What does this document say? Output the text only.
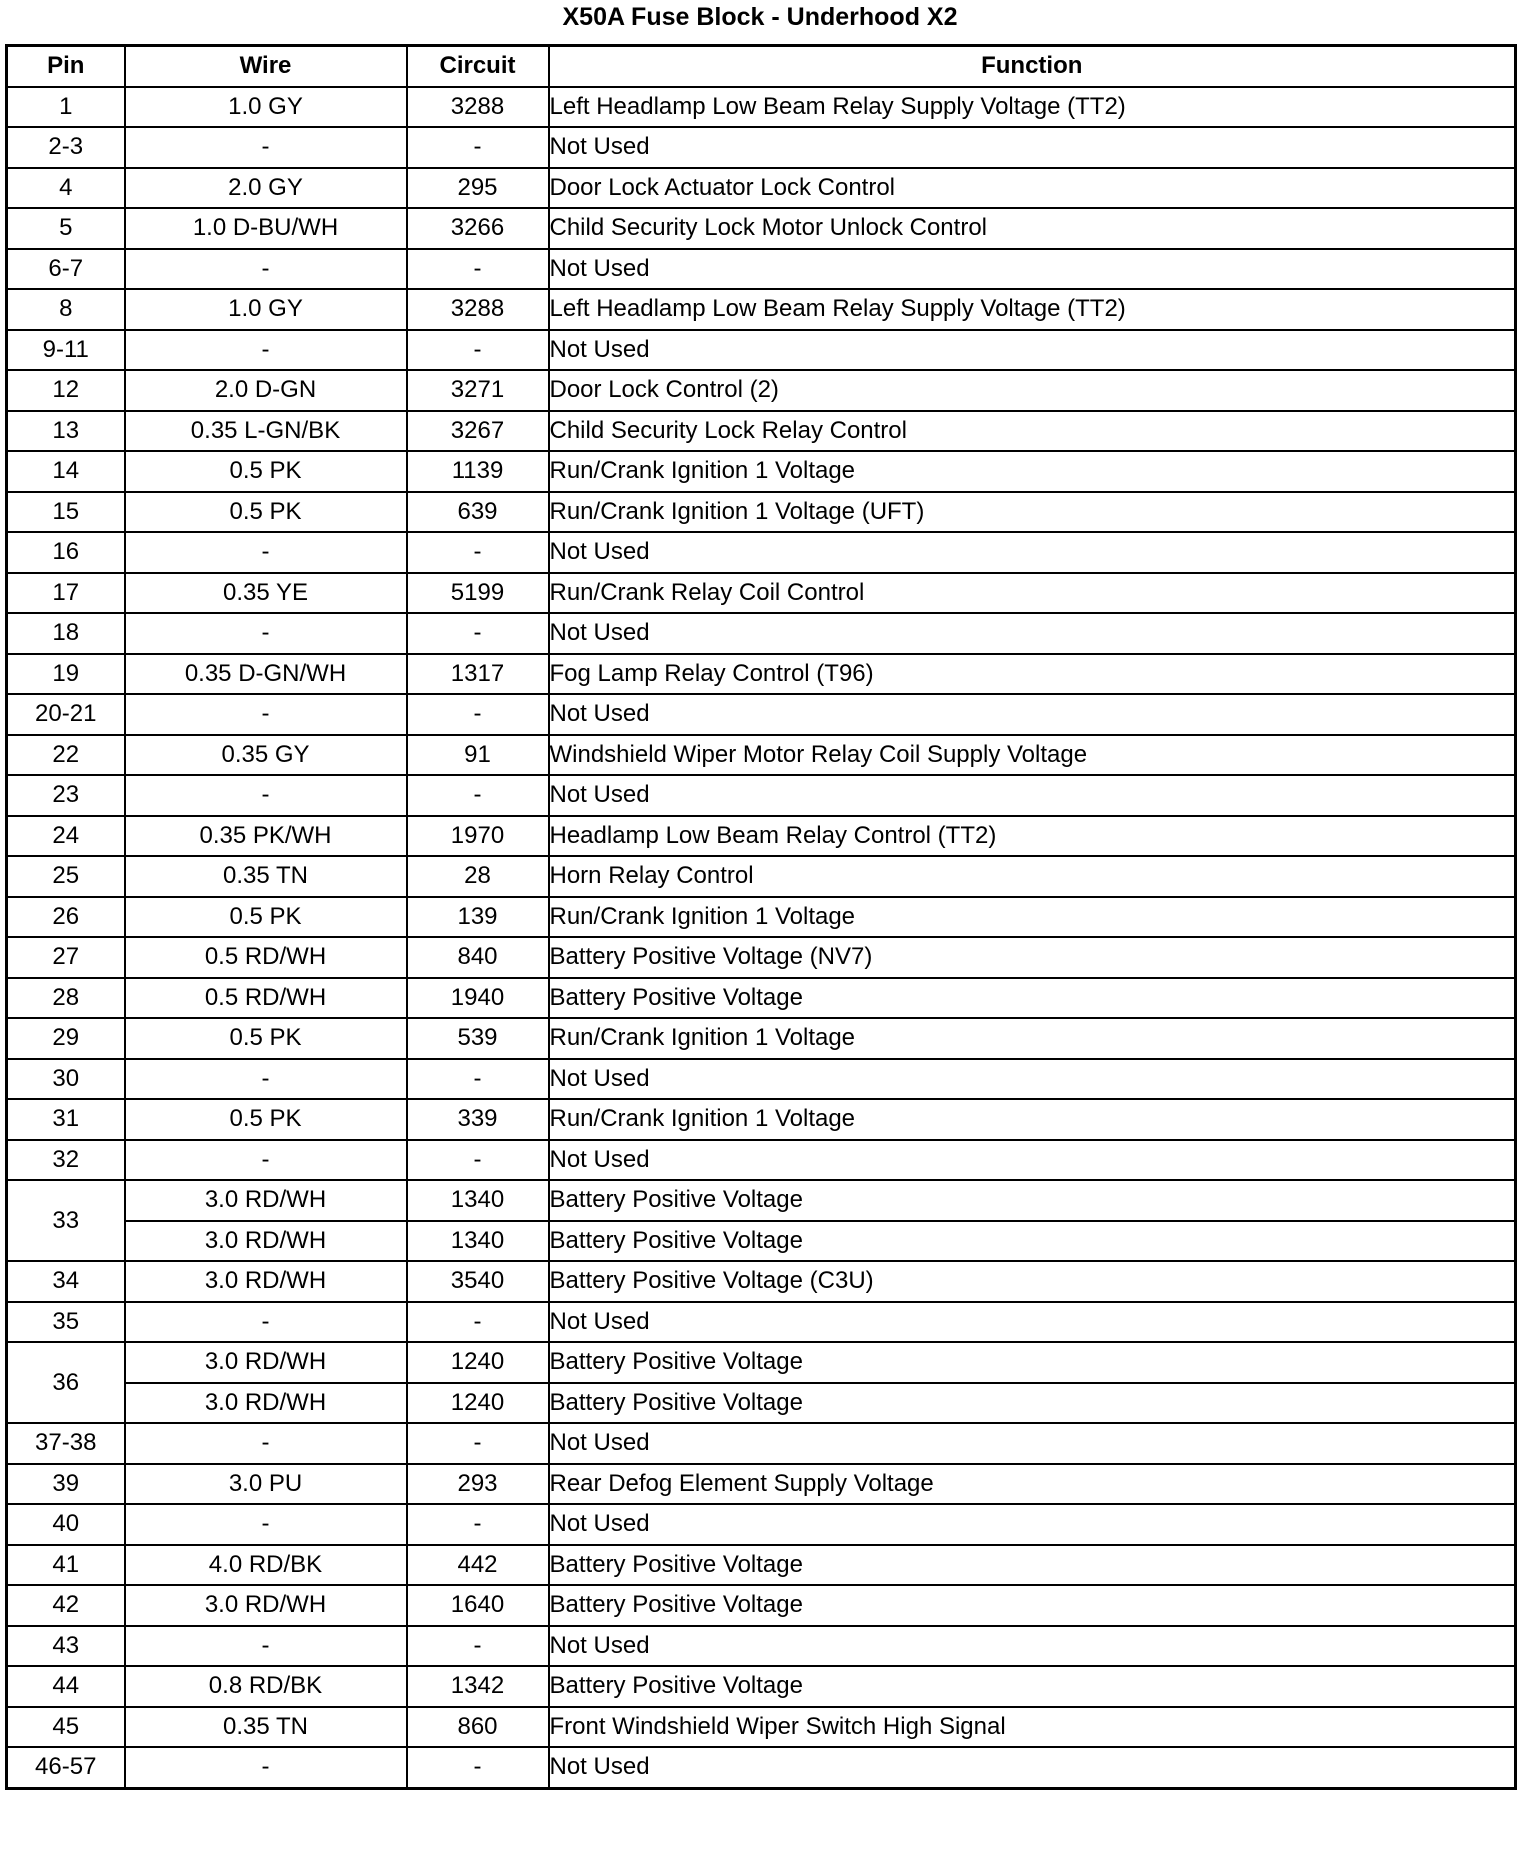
X50A Fuse Block - Underhood X2
Pin	Wire	Circuit	Function
1	1.0 GY	3288	Left Headlamp Low Beam Relay Supply Voltage (TT2)
2-3	-	-	Not Used
4	2.0 GY	295	Door Lock Actuator Lock Control
5	1.0 D-BU/WH	3266	Child Security Lock Motor Unlock Control
6-7	-	-	Not Used
8	1.0 GY	3288	Left Headlamp Low Beam Relay Supply Voltage (TT2)
9-11	-	-	Not Used
12	2.0 D-GN	3271	Door Lock Control (2)
13	0.35 L-GN/BK	3267	Child Security Lock Relay Control
14	0.5 PK	1139	Run/Crank Ignition 1 Voltage
15	0.5 PK	639	Run/Crank Ignition 1 Voltage (UFT)
16	-	-	Not Used
17	0.35 YE	5199	Run/Crank Relay Coil Control
18	-	-	Not Used
19	0.35 D-GN/WH	1317	Fog Lamp Relay Control (T96)
20-21	-	-	Not Used
22	0.35 GY	91	Windshield Wiper Motor Relay Coil Supply Voltage
23	-	-	Not Used
24	0.35 PK/WH	1970	Headlamp Low Beam Relay Control (TT2)
25	0.35 TN	28	Horn Relay Control
26	0.5 PK	139	Run/Crank Ignition 1 Voltage
27	0.5 RD/WH	840	Battery Positive Voltage (NV7)
28	0.5 RD/WH	1940	Battery Positive Voltage
29	0.5 PK	539	Run/Crank Ignition 1 Voltage
30	-	-	Not Used
31	0.5 PK	339	Run/Crank Ignition 1 Voltage
32	-	-	Not Used
33	3.0 RD/WH	1340	Battery Positive Voltage
	3.0 RD/WH	1340	Battery Positive Voltage
34	3.0 RD/WH	3540	Battery Positive Voltage (C3U)
35	-	-	Not Used
36	3.0 RD/WH	1240	Battery Positive Voltage
	3.0 RD/WH	1240	Battery Positive Voltage
37-38	-	-	Not Used
39	3.0 PU	293	Rear Defog Element Supply Voltage
40	-	-	Not Used
41	4.0 RD/BK	442	Battery Positive Voltage
42	3.0 RD/WH	1640	Battery Positive Voltage
43	-	-	Not Used
44	0.8 RD/BK	1342	Battery Positive Voltage
45	0.35 TN	860	Front Windshield Wiper Switch High Signal
46-57	-	-	Not Used
